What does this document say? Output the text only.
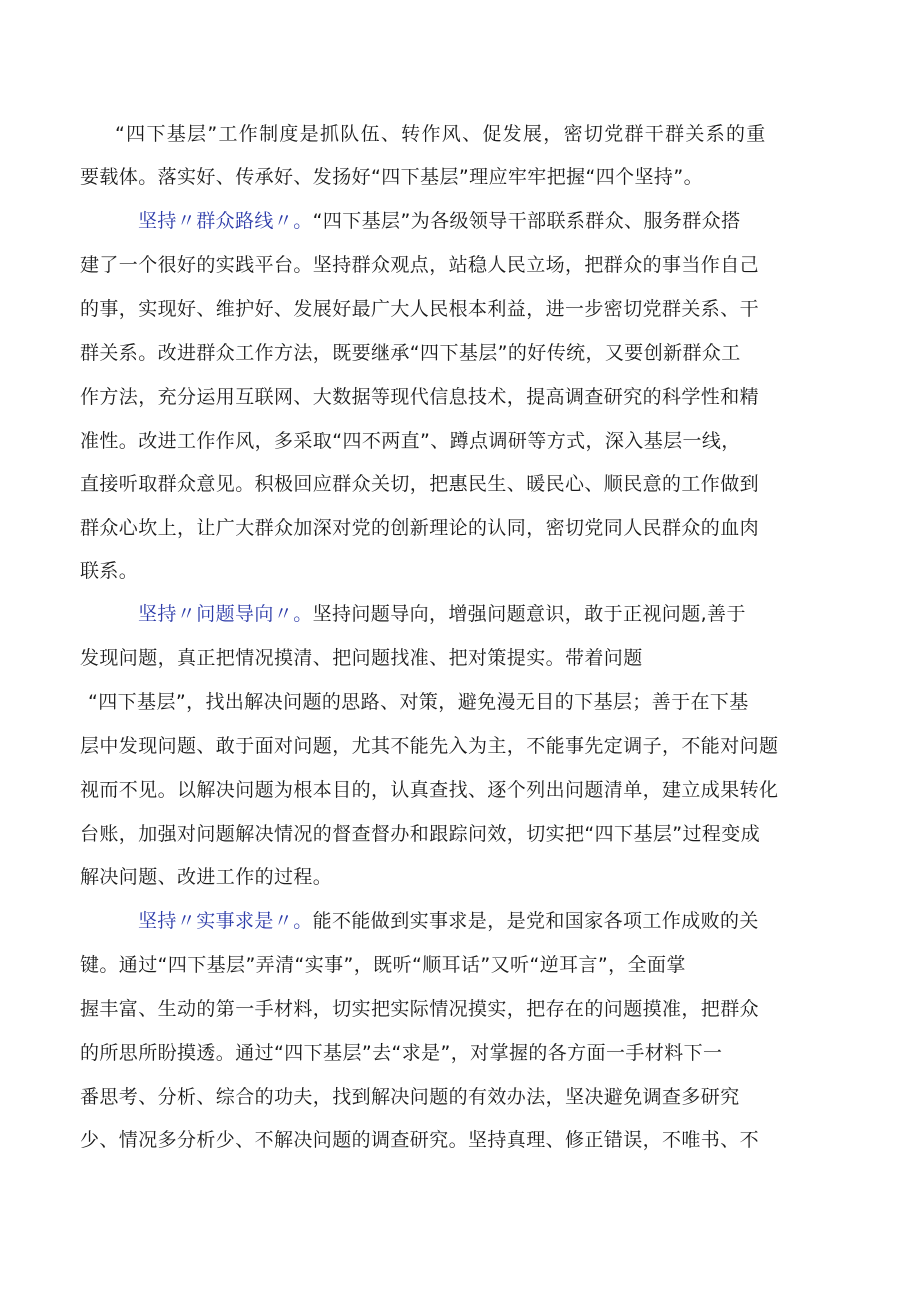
“四下基层”工作制度是抓队伍、转作风、促发展，密切党群干群关系的重
要载体。落实好、传承好、发扬好“四下基层”理应牢牢把握“四个坚持”。
坚持〃群众路线〃。“四下基层”为各级领导干部联系群众、服务群众搭
建了一个很好的实践平台。坚持群众观点，站稳人民立场，把群众的事当作自己
的事，实现好、维护好、发展好最广大人民根本利益，进一步密切党群关系、干
群关系。改进群众工作方法，既要继承“四下基层”的好传统，又要创新群众工
作方法，充分运用互联网、大数据等现代信息技术，提高调查研究的科学性和精
准性。改进工作作风，多采取“四不两直”、蹲点调研等方式，深入基层一线，
直接听取群众意见。积极回应群众关切，把惠民生、暖民心、顺民意的工作做到
群众心坎上，让广大群众加深对党的创新理论的认同，密切党同人民群众的血肉
联系。
坚持〃问题导向〃。坚持问题导向，增强问题意识，敢于正视问题,善于
发现问题，真正把情况摸清、把问题找准、把对策提实。带着问题
“四下基层”，找出解决问题的思路、对策，避免漫无目的下基层；善于在下基
层中发现问题、敢于面对问题，尤其不能先入为主，不能事先定调子，不能对问题
视而不见。以解决问题为根本目的，认真查找、逐个列出问题清单，建立成果转化
台账，加强对问题解决情况的督查督办和跟踪问效，切实把“四下基层”过程变成
解决问题、改进工作的过程。
坚持〃实事求是〃。能不能做到实事求是，是党和国家各项工作成败的关
键。通过“四下基层”弄清“实事”，既听“顺耳话”又听“逆耳言”，全面掌
握丰富、生动的第一手材料，切实把实际情况摸实，把存在的问题摸准，把群众
的所思所盼摸透。通过“四下基层”去“求是”，对掌握的各方面一手材料下一
番思考、分析、综合的功夫，找到解决问题的有效办法，坚决避免调查多研究
少、情况多分析少、不解决问题的调查研究。坚持真理、修正错误，不唯书、不
